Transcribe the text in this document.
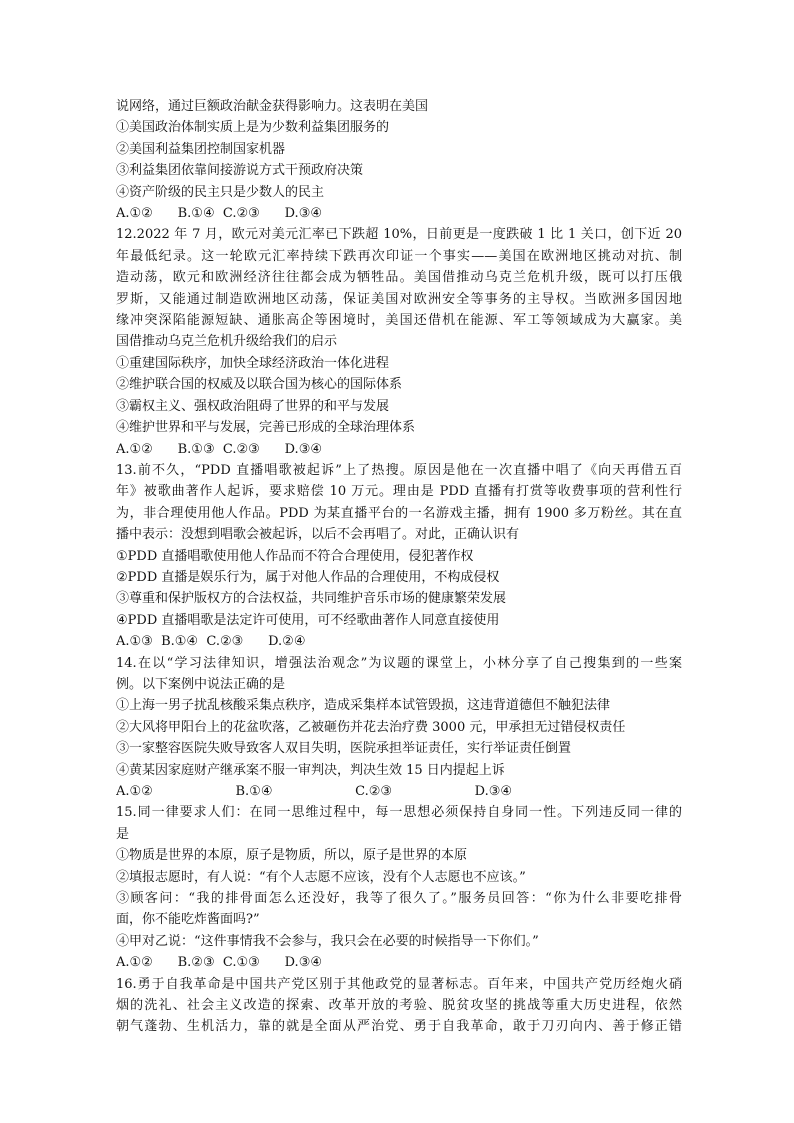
说网络，通过巨额政治献金获得影响力。这表明在美国
①美国政治体制实质上是为少数利益集团服务的
②美国利益集团控制国家机器
③利益集团依靠间接游说方式干预政府决策
④资产阶级的民主只是少数人的民主
A.①②      B.①④  C.②③      D.③④
12.2022 年 7 月，欧元对美元汇率已下跌超 10%，日前更是一度跌破 1 比 1 关口，创下近 20
年最低纪录。这一轮欧元汇率持续下跌再次印证一个事实——美国在欧洲地区挑动对抗、制
造动荡，欧元和欧洲经济往往都会成为牺牲品。美国借推动乌克兰危机升级，既可以打压俄
罗斯，又能通过制造欧洲地区动荡，保证美国对欧洲安全等事务的主导权。当欧洲多国因地
缘冲突深陷能源短缺、通胀高企等困境时，美国还借机在能源、军工等领域成为大赢家。美
国借推动乌克兰危机升级给我们的启示
①重建国际秩序，加快全球经济政治一体化进程
②维护联合国的权威及以联合国为核心的国际体系
③霸权主义、强权政治阻碍了世界的和平与发展
④维护世界和平与发展，完善已形成的全球治理体系
A.①②      B.①③  C.②③      D.③④
13.前不久，“PDD 直播唱歌被起诉”上了热搜。原因是他在一次直播中唱了《向天再借五百
年》被歌曲著作人起诉，要求赔偿 10 万元。理由是 PDD 直播有打赏等收费事项的营利性行
为，非合理使用他人作品。PDD 为某直播平台的一名游戏主播，拥有 1900 多万粉丝。其在直
播中表示：没想到唱歌会被起诉，以后不会再唱了。对此，正确认识有
①PDD 直播唱歌使用他人作品而不符合合理使用，侵犯著作权
②PDD 直播是娱乐行为，属于对他人作品的合理使用，不构成侵权
③尊重和保护版权方的合法权益，共同维护音乐市场的健康繁荣发展
④PDD 直播唱歌是法定许可使用，可不经歌曲著作人同意直接使用
A.①③  B.①④  C.②③      D.②④
14.在以“学习法律知识，增强法治观念”为议题的课堂上，小林分享了自己搜集到的一些案
例。以下案例中说法正确的是
①上海一男子扰乱核酸采集点秩序，造成采集样本试管毁损，这违背道德但不触犯法律
②大风将甲阳台上的花盆吹落，乙被砸伤并花去治疗费 3000 元，甲承担无过错侵权责任
③一家整容医院失败导致客人双目失明，医院承担举证责任，实行举证责任倒置
④黄某因家庭财产继承案不服一审判决，判决生效 15 日内提起上诉
A.①②                    B.①④                    C.②③                    D.③④
15.同一律要求人们：在同一思维过程中，每一思想必须保持自身同一性。下列违反同一律的
是
①物质是世界的本原，原子是物质，所以，原子是世界的本原
②填报志愿时，有人说：“有个人志愿不应该，没有个人志愿也不应该。”
③顾客问：“我的排骨面怎么还没好，我等了很久了。”服务员回答：“你为什么非要吃排骨
面，你不能吃炸酱面吗?”
④甲对乙说：“这件事情我不会参与，我只会在必要的时候指导一下你们。”
A.①②      B.②③  C.①③      D.③④
16.勇于自我革命是中国共产党区别于其他政党的显著标志。百年来，中国共产党历经炮火硝
烟的洗礼、社会主义改造的探索、改革开放的考验、脱贫攻坚的挑战等重大历史进程，依然
朝气蓬勃、生机活力，靠的就是全面从严治党、勇于自我革命，敢于刀刃向内、善于修正错
